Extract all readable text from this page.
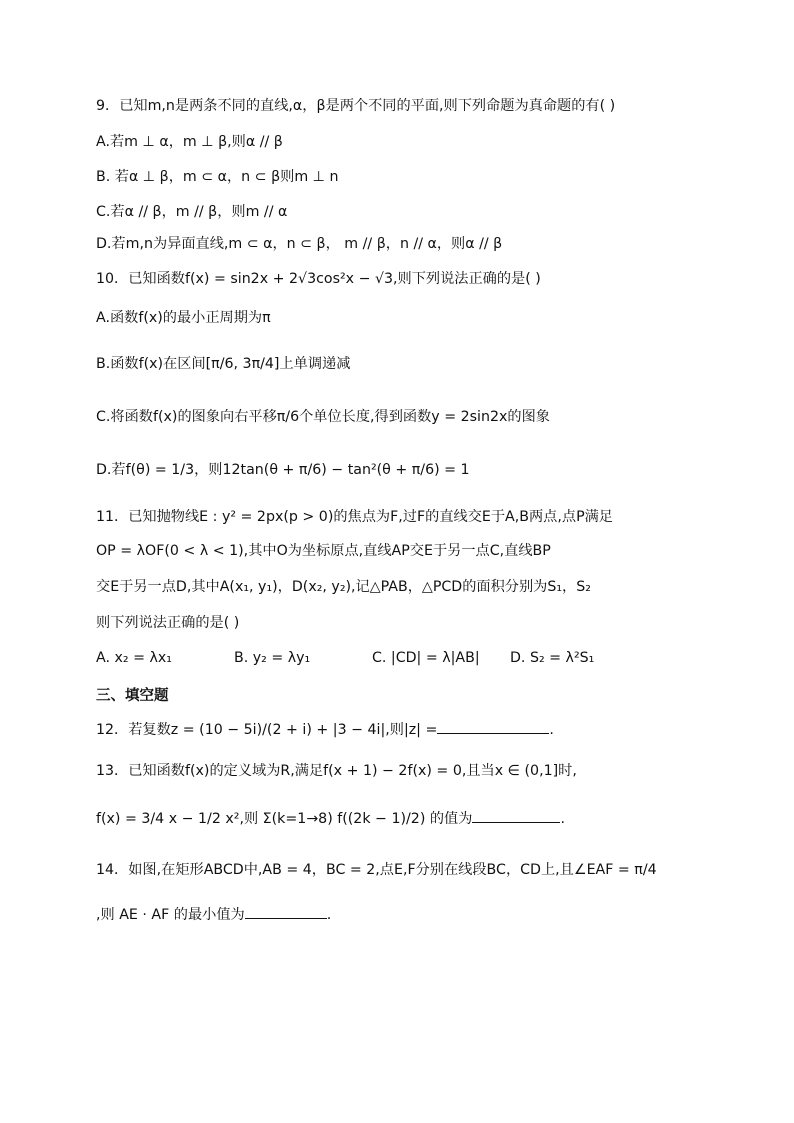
9．已知m,n是两条不同的直线,α，β是两个不同的平面,则下列命题为真命题的有( )
A.若m ⊥ α，m ⊥ β,则α // β
B. 若α ⊥ β，m ⊂ α，n ⊂ β则m ⊥ n
C.若α // β，m // β，则m // α
D.若m,n为异面直线,m ⊂ α，n ⊂ β， m // β，n // α，则α // β
10．已知函数f(x) = sin2x + 2√3cos²x − √3,则下列说法正确的是( )
A.函数f(x)的最小正周期为π
B.函数f(x)在区间[π/6, 3π/4]上单调递减
C.将函数f(x)的图象向右平移π/6个单位长度,得到函数y = 2sin2x的图象
D.若f(θ) = 1/3，则12tan(θ + π/6) − tan²(θ + π/6) = 1
11．已知抛物线E : y² = 2px(p > 0)的焦点为F,过F的直线交E于A,B两点,点P满足
OP = λOF(0 < λ < 1),其中O为坐标原点,直线AP交E于另一点C,直线BP
交E于另一点D,其中A(x₁, y₁)，D(x₂, y₂),记△PAB，△PCD的面积分别为S₁，S₂
则下列说法正确的是( )
A. x₂ = λx₁	B. y₂ = λy₁	C. |CD| = λ|AB| D. S₂ = λ²S₁
三、填空题
12．若复数z = (10 − 5i)/(2 + i) + |3 − 4i|,则|z| =	.
13．已知函数f(x)的定义域为R,满足f(x + 1) − 2f(x) = 0,且当x ∈ (0,1]时,
f(x) = 3/4 x − 1/2 x²,则 Σ(k=1→8) f((2k − 1)/2) 的值为	.
14．如图,在矩形ABCD中,AB = 4，BC = 2,点E,F分别在线段BC，CD上,且∠EAF = π/4
,则 AE · AF 的最小值为	.
